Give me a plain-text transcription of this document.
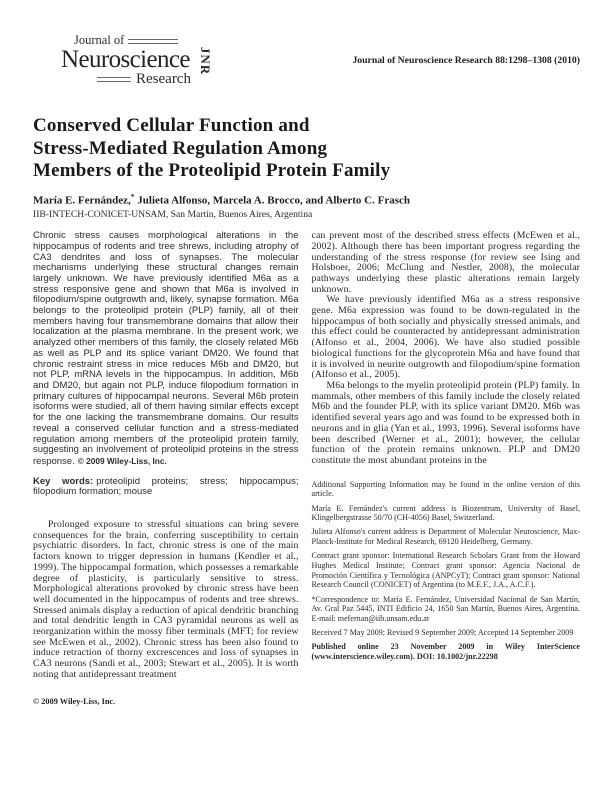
Journal of
Neuroscience
Research
JNR	Journal of Neuroscience Research 88:1298–1308 (2010)
Conserved Cellular Function and
Stress-Mediated Regulation Among
Members of the Proteolipid Protein Family
María E. Fernández,* Julieta Alfonso, Marcela A. Brocco, and Alberto C. Frasch
IIB-INTECH-CONICET-UNSAM, San Martín, Buenos Aires, Argentina
Chronic stress causes morphological alterations in the hippocampus of rodents and tree shrews, including atrophy of CA3 dendrites and loss of synapses. The molecular mechanisms underlying these structural changes remain largely unknown. We have previously identified M6a as a stress responsive gene and shown that M6a is involved in filopodium/spine outgrowth and, likely, synapse formation. M6a belongs to the proteolipid protein (PLP) family, all of their members having four transmembrane domains that allow their localization at the plasma membrane. In the present work, we analyzed other members of this family, the closely related M6b as well as PLP and its splice variant DM20. We found that chronic restraint stress in mice reduces M6b and DM20, but not PLP, mRNA levels in the hippocampus. In addition, M6b and DM20, but again not PLP, induce filopodium formation in primary cultures of hippocampal neurons. Several M6b protein isoforms were studied, all of them having similar effects except for the one lacking the transmembrane domains. Our results reveal a conserved cellular function and a stress-mediated regulation among members of the proteolipid protein family, suggesting an involvement of proteolipid proteins in the stress response. © 2009 Wiley-Liss, Inc.
Key words: proteolipid proteins; stress; hippocampus; filopodium formation; mouse
Prolonged exposure to stressful situations can bring severe consequences for the brain, conferring susceptibility to certain psychiatric disorders. In fact, chronic stress is one of the main factors known to trigger depression in humans (Kendler et al., 1999). The hippocampal formation, which possesses a remarkable degree of plasticity, is particularly sensitive to stress. Morphological alterations provoked by chronic stress have been well documented in the hippocampus of rodents and tree shrews. Stressed animals display a reduction of apical dendritic branching and total dendritic length in CA3 pyramidal neurons as well as reorganization within the mossy fiber terminals (MFT; for review see McEwen et al., 2002). Chronic stress has been also found to induce retraction of thorny excrescences and loss of synapses in CA3 neurons (Sandi et al., 2003; Stewart et al., 2005). It is worth noting that antidepressant treatment
© 2009 Wiley-Liss, Inc.
can prevent most of the described stress effects (McEwen et al., 2002). Although there has been important progress regarding the understanding of the stress response (for review see Ising and Holsboer, 2006; McClung and Nestler, 2008), the molecular pathways underlying these plastic alterations remain largely unknown.
We have previously identified M6a as a stress responsive gene. M6a expression was found to be down-regulated in the hippocampus of both socially and physically stressed animals, and this effect could be counteracted by antidepressant administration (Alfonso et al., 2004, 2006). We have also studied possible biological functions for the glycoprotein M6a and have found that it is involved in neurite outgrowth and filopodium/spine formation (Alfonso et al., 2005).
M6a belongs to the myelin proteolipid protein (PLP) family. In mammals, other members of this family include the closely related M6b and the founder PLP, with its splice variant DM20. M6b was identified several years ago and was found to be expressed both in neurons and in glia (Yan et al., 1993, 1996). Several isoforms have been described (Werner et al., 2001); however, the cellular function of the protein remains unknown. PLP and DM20 constitute the most abundant proteins in the
Additional Supporting Information may be found in the online version of this article.
María E. Fernández's current address is Biozentrum, University of Basel, Klingelbergstrasse 50/70 (CH-4056) Basel, Switzerland.
Julieta Alfonso's current address is Department of Molecular Neuroscience, Max-Planck-Institute for Medical Research, 69120 Heidelberg, Germany.
Contract grant sponsor: International Research Scholars Grant from the Howard Hughes Medical Institute; Contract grant sponsor: Agencia Nacional de Promoción Científica y Tecnológica (ANPCyT); Contract grant sponsor: National Research Council (CONICET) of Argentina (to M.E.F., J.A., A.C.F.).
*Correspondence to: María E. Fernández, Universidad Nacional de San Martín, Av. Gral Paz 5445, INTI Edificio 24, 1650 San Martín, Buenos Aires, Argentina. E-mail: mefernan@iib.unsam.edu.ar
Received 7 May 2009; Revised 9 September 2009; Accepted 14 September 2009
Published online 23 November 2009 in Wiley InterScience (www.interscience.wiley.com). DOI: 10.1002/jnr.22298
